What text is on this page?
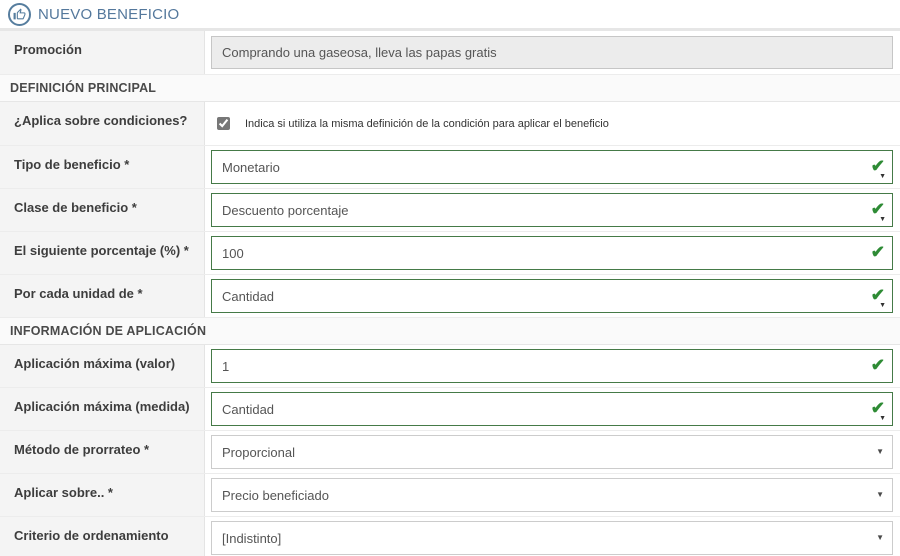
NUEVO BENEFICIO
Promoción	Comprando una gaseosa, lleva las papas gratis
DEFINICIÓN PRINCIPAL
¿Aplica sobre condiciones?	Indica si utiliza la misma definición de la condición para aplicar el beneficio
Tipo de beneficio *	Monetario	✔
▼
Clase de beneficio *	Descuento porcentaje	✔
▼
El siguiente porcentaje (%) *	100	✔
Por cada unidad de *	Cantidad	✔
▼
INFORMACIÓN DE APLICACIÓN
Aplicación máxima (valor)	1	✔
Aplicación máxima (medida)	Cantidad	✔
▼
Método de prorrateo *	Proporcional	▼
Aplicar sobre.. *	Precio beneficiado	▼
Criterio de ordenamiento	[Indistinto]	▼
